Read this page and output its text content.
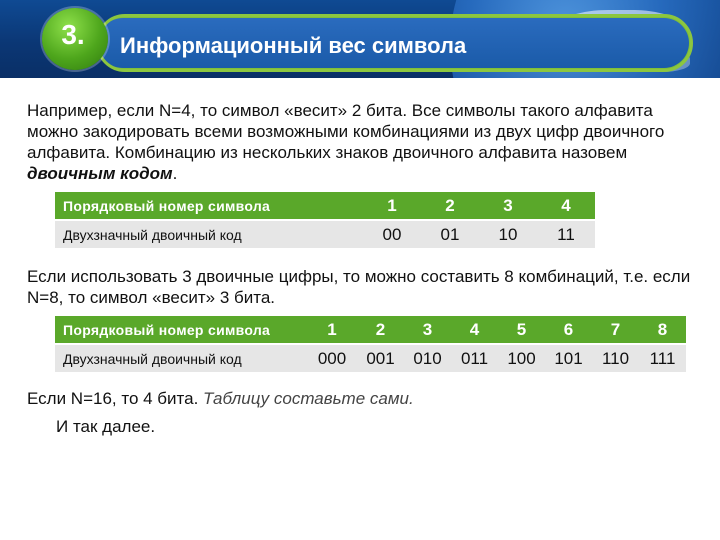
3. Информационный вес символа
Например, если N=4, то символ «весит» 2 бита. Все символы такого алфавита можно закодировать всеми возможными комбинациями из двух цифр двоичного алфавита. Комбинацию из нескольких знаков двоичного алфавита назовем двоичным кодом.
Порядковый номер символа	1	2	3	4
Двухзначный двоичный код	00	01	10	11
Если использовать 3 двоичные цифры, то можно составить 8 комбинаций, т.е. если N=8, то символ «весит» 3 бита.
Порядковый номер символа	1	2	3	4	5	6	7	8
Двухзначный двоичный код	000	001	010	011	100	101	110	111
Если N=16, то 4 бита. Таблицу составьте сами.
И так далее.
